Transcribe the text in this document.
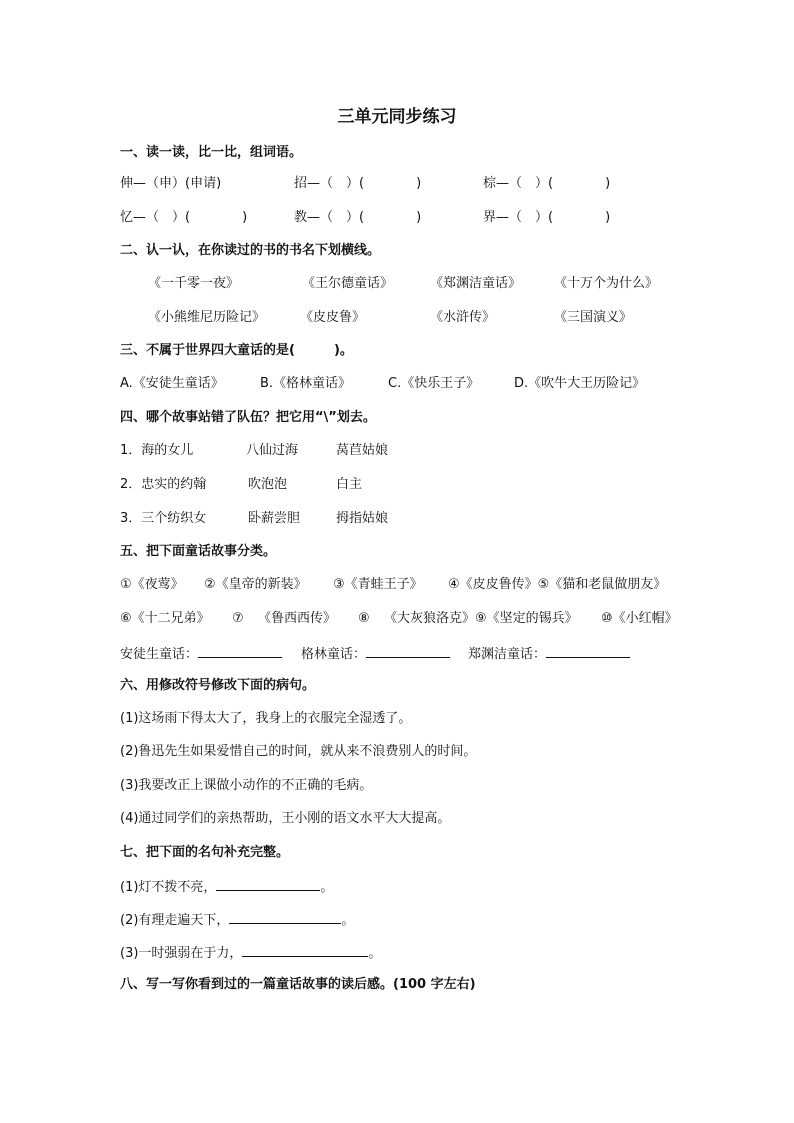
三单元同步练习
一、读一读，比一比，组词语。
伸—（申）(申请)	招—（　）(　　　　)	棕—（　）(　　　　)
忆—（　）(　　　　)	教—（　）(　　　　)	界—（　）(　　　　)
二、认一认，在你读过的书的书名下划横线。
《一千零一夜》	《王尔德童话》	《郑渊洁童话》	《十万个为什么》
《小熊维尼历险记》	《皮皮鲁》	《水浒传》	《三国演义》
三、不属于世界四大童话的是(　　　)。
A.《安徒生童话》	B.《格林童话》	C.《快乐王子》	D.《吹牛大王历险记》
四、哪个故事站错了队伍？把它用“\”划去。
1．海的女儿	八仙过海	莴苣姑娘
2．忠实的约翰	吹泡泡	白主
3．三个纺织女	卧薪尝胆	拇指姑娘
五、把下面童话故事分类。
①《夜莺》 ②《皇帝的新装》 ③《青蛙王子》 ④《皮皮鲁传》⑤《猫和老鼠做朋友》
⑥《十二兄弟》 ⑦ 《鲁西西传》 ⑧ 《大灰狼洛克》⑨《坚定的锡兵》 ⑩《小红帽》
安徒生童话：	格林童话：	郑渊洁童话：
六、用修改符号修改下面的病句。
(1)这场雨下得太大了，我身上的衣服完全湿透了。
(2)鲁迅先生如果爱惜自己的时间，就从来不浪费别人的时间。
(3)我要改正上课做小动作的不正确的毛病。
(4)通过同学们的亲热帮助，王小刚的语文水平大大提高。
七、把下面的名句补充完整。
(1)灯不拨不亮，	。
(2)有理走遍天下，	。
(3)一时强弱在于力，	。
八、写一写你看到过的一篇童话故事的读后感。(100 字左右)
